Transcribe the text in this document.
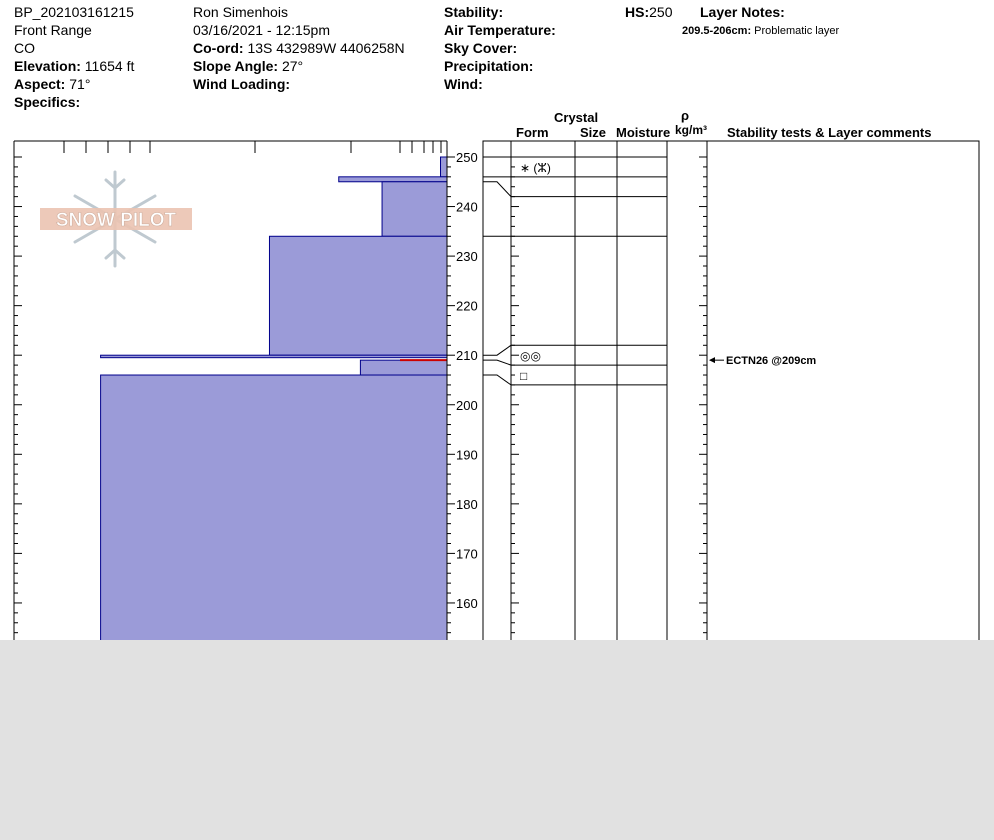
BP_202103161215
Front Range
CO
Elevation: 11654 ft
Aspect: 71°
Specifics:
Ron Simenhois
03/16/2021 - 12:15pm
Co-ord: 13S 432989W 4406258N
Slope Angle: 27°
Wind Loading:
Stability:
Air Temperature:
Sky Cover:
Precipitation:
Wind:
HS:250 Layer Notes:
209.5-206cm: Problematic layer
Crystal
Form Size Moisture
ρ
kg/m³ Stability tests & Layer comments
SNOW PILOT
160
170
180
190
200
210
220
230
240
250
∗ (ⵣ)
◎◎
□
ECTN26 @209cm
